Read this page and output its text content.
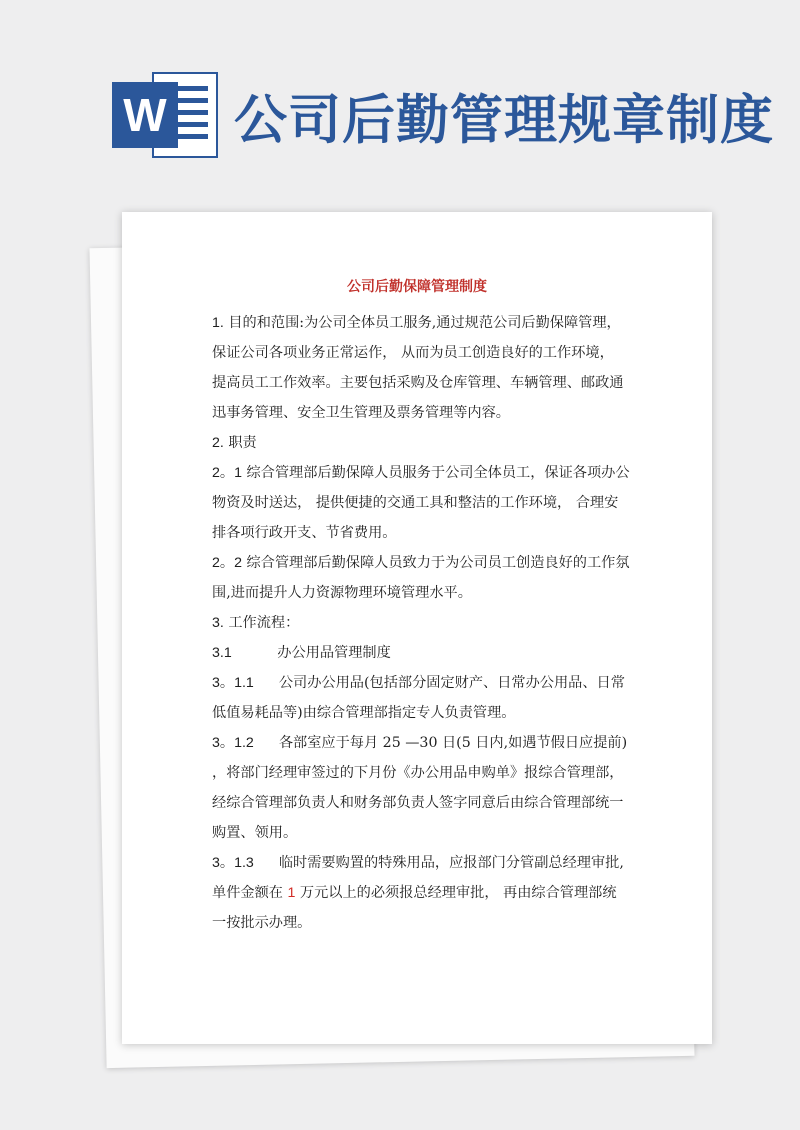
W 公司后勤管理规章制度
公司后勤保障管理制度

1. 目的和范围:为公司全体员工服务,通过规范公司后勤保障管理， 保证公司各项业务正常运作， 从而为员工创造良好的工作环境， 提高员工工作效率。主要包括采购及仓库管理、车辆管理、邮政通迅事务管理、安全卫生管理及票务管理等内容。

2. 职责

2。1 综合管理部后勤保障人员服务于公司全体员工，保证各项办公物资及时送达， 提供便捷的交通工具和整洁的工作环境， 合理安排各项行政开支、节省费用。

2。2 综合管理部后勤保障人员致力于为公司员工创造良好的工作氛围,进而提升人力资源物理环境管理水平。

3. 工作流程：

3.1	办公用品管理制度

3。1.1 公司办公用品(包括部分固定财产、日常办公用品、日常低值易耗品等)由综合管理部指定专人负责管理。

3。1.2 各部室应于每月 25 —30 日(5 日内,如遇节假日应提前) ，将部门经理审签过的下月份《办公用品申购单》报综合管理部，经综合管理部负责人和财务部负责人签字同意后由综合管理部统一购置、领用。

3。1.3 临时需要购置的特殊用品，应报部门分管副总经理审批,单件金额在 1 万元以上的必须报总经理审批， 再由综合管理部统一按批示办理。
